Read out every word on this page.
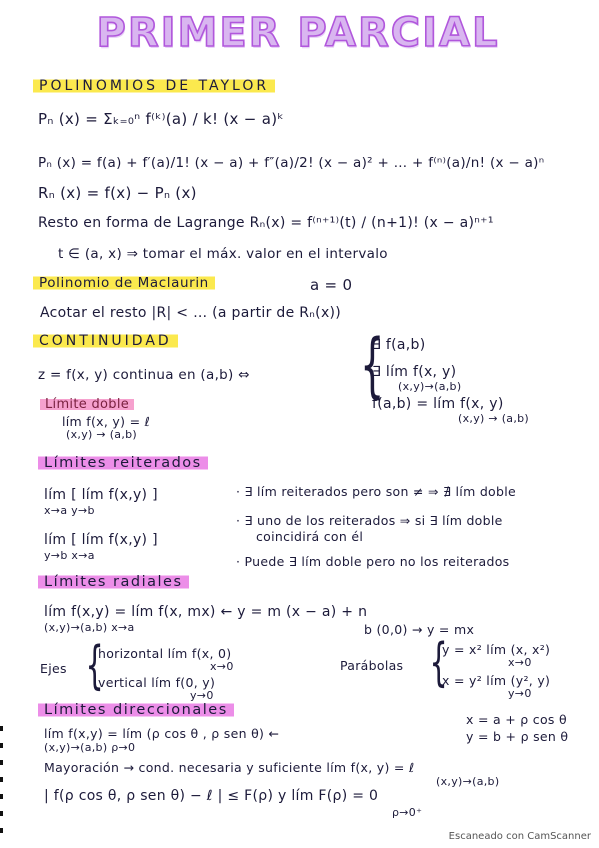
PRIMER PARCIAL
POLINOMIOS DE TAYLOR
Pₙ (x) = Σₖ₌₀ⁿ f⁽ᵏ⁾(a) / k! (x − a)ᵏ
Pₙ (x) = f(a) + f′(a)/1! (x − a) + f″(a)/2! (x − a)² + … + f⁽ⁿ⁾(a)/n! (x − a)ⁿ
Rₙ (x) = f(x) − Pₙ (x)
Resto en forma de Lagrange Rₙ(x) = f⁽ⁿ⁺¹⁾(t) / (n+1)! (x − a)ⁿ⁺¹
t ∈ (a, x) ⇒ tomar el máx. valor en el intervalo
Polinomio de Maclaurin	a = 0
Acotar el resto |R| < … (a partir de Rₙ(x))
CONTINUIDAD
z = f(x, y) continua en (a,b) ⇔ {
∃ f(a,b)
∃ lím f(x, y)
(x,y)→(a,b)
f(a,b) = lím f(x, y)
(x,y) → (a,b)
Límite doble
lím f(x, y) = ℓ
(x,y) → (a,b)
Límites reiterados
lím [ lím f(x,y) ]
x→a y→b
lím [ lím f(x,y) ]
y→b x→a
· ∃ lím reiterados pero son ≠ ⇒ ∄ lím doble
· ∃ uno de los reiterados ⇒ si ∃ lím doble
coincidirá con él
· Puede ∃ lím doble pero no los reiterados
Límites radiales
lím f(x,y) = lím f(x, mx) ← y = m (x − a) + n
(x,y)→(a,b) x→a	b (0,0) → y = mx
Ejes {
horizontal lím f(x, 0)
x→0
vertical lím f(0, y)
y→0
Parábolas {
y = x² lím (x, x²)
x→0
x = y² lím (y², y)
y→0
Límites direccionales
lím f(x,y) = lím (ρ cos θ , ρ sen θ) ←
(x,y)→(a,b) ρ→0
x = a + ρ cos θ
y = b + ρ sen θ
Mayoración → cond. necesaria y suficiente lím f(x, y) = ℓ
(x,y)→(a,b)
| f(ρ cos θ, ρ sen θ) − ℓ | ≤ F(ρ) y lím F(ρ) = 0
ρ→0⁺
Escaneado con CamScanner
